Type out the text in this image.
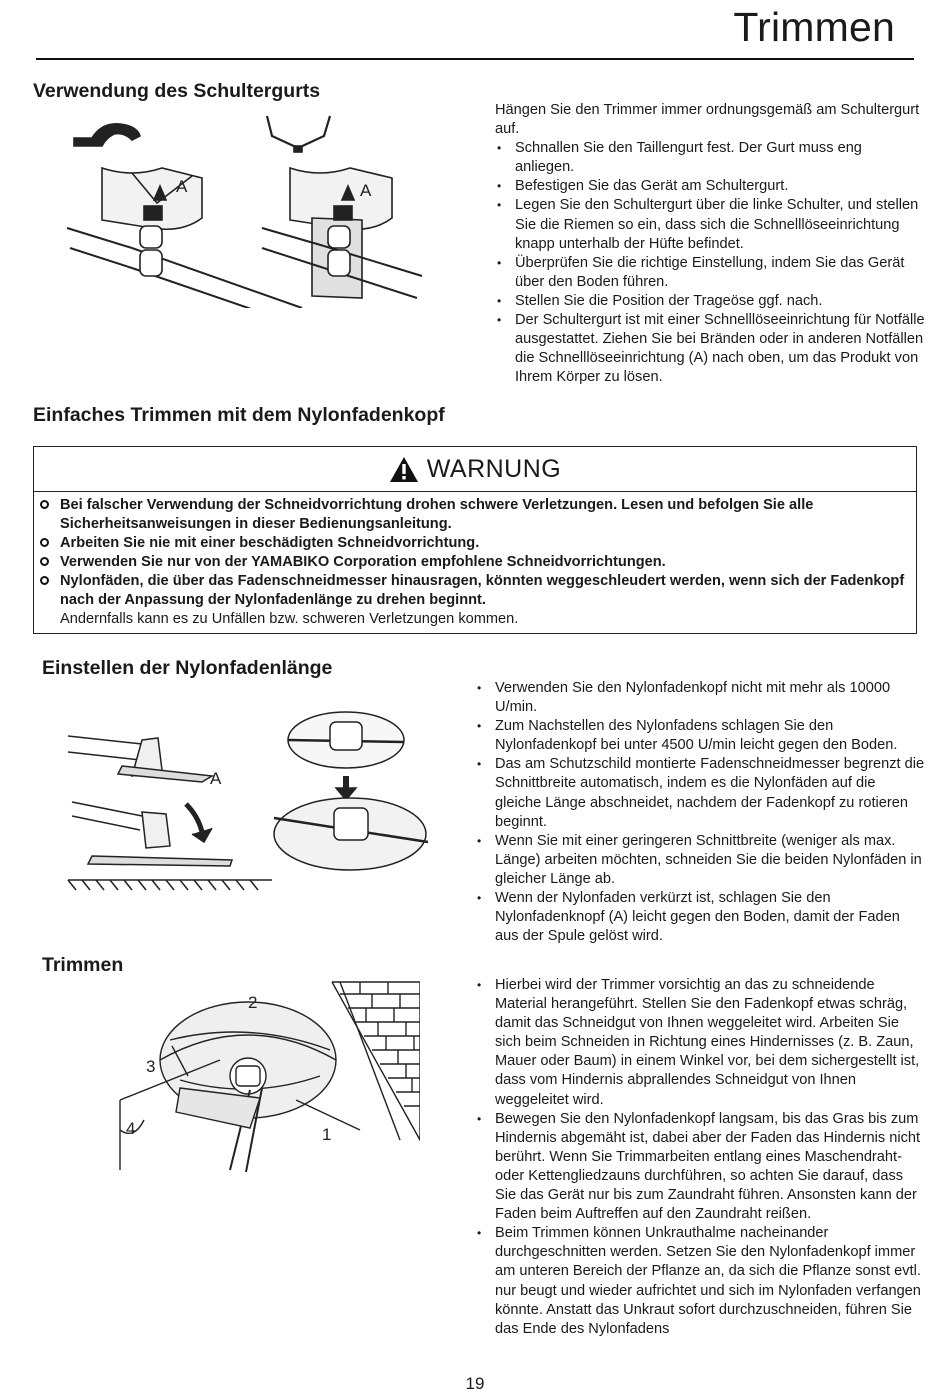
Trimmen
Verwendung des Schultergurts
A	A
Hängen Sie den Trimmer immer ordnungsgemäß am Schultergurt auf.
• Schnallen Sie den Taillengurt fest. Der Gurt muss eng anliegen.
• Befestigen Sie das Gerät am Schultergurt.
• Legen Sie den Schultergurt über die linke Schulter, und stellen Sie die Riemen so ein, dass sich die Schnelllöseeinrichtung knapp unterhalb der Hüfte befindet.
• Überprüfen Sie die richtige Einstellung, indem Sie das Gerät über den Boden führen.
• Stellen Sie die Position der Trageöse ggf. nach.
• Der Schultergurt ist mit einer Schnelllöseeinrichtung für Notfälle ausgestattet. Ziehen Sie bei Bränden oder in anderen Notfällen die Schnelllöseeinrichtung (A) nach oben, um das Produkt von Ihrem Körper zu lösen.
Einfaches Trimmen mit dem Nylonfadenkopf
WARNUNG
Bei falscher Verwendung der Schneidvorrichtung drohen schwere Verletzungen. Lesen und befolgen Sie alle Sicherheitsanweisungen in dieser Bedienungsanleitung.
Arbeiten Sie nie mit einer beschädigten Schneidvorrichtung.
Verwenden Sie nur von der YAMABIKO Corporation empfohlene Schneidvorrichtungen.
Nylonfäden, die über das Fadenschneidmesser hinausragen, könnten weggeschleudert werden, wenn sich der Fadenkopf nach der Anpassung der Nylonfadenlänge zu drehen beginnt.
Andernfalls kann es zu Unfällen bzw. schweren Verletzungen kommen.
Einstellen der Nylonfadenlänge
A
• Verwenden Sie den Nylonfadenkopf nicht mit mehr als 10000 U/min.
• Zum Nachstellen des Nylonfadens schlagen Sie den Nylonfadenkopf bei unter 4500 U/min leicht gegen den Boden.
• Das am Schutzschild montierte Fadenschneidmesser begrenzt die Schnittbreite automatisch, indem es die Nylonfäden auf die gleiche Länge abschneidet, nachdem der Fadenkopf zu rotieren beginnt.
• Wenn Sie mit einer geringeren Schnittbreite (weniger als max. Länge) arbeiten möchten, schneiden Sie die beiden Nylonfäden in gleicher Länge ab.
• Wenn der Nylonfaden verkürzt ist, schlagen Sie den Nylonfadenknopf (A) leicht gegen den Boden, damit der Faden aus der Spule gelöst wird.
Trimmen
2
3
4	1
• Hierbei wird der Trimmer vorsichtig an das zu schneidende Material herangeführt. Stellen Sie den Fadenkopf etwas schräg, damit das Schneidgut von Ihnen weggeleitet wird. Arbeiten Sie sich beim Schneiden in Richtung eines Hindernisses (z. B. Zaun, Mauer oder Baum) in einem Winkel vor, bei dem sichergestellt ist, dass vom Hindernis abprallendes Schneidgut von Ihnen weggeleitet wird.
• Bewegen Sie den Nylonfadenkopf langsam, bis das Gras bis zum Hindernis abgemäht ist, dabei aber der Faden das Hindernis nicht berührt. Wenn Sie Trimmarbeiten entlang eines Maschendraht- oder Kettengliedzauns durchführen, so achten Sie darauf, dass Sie das Gerät nur bis zum Zaundraht führen. Ansonsten kann der Faden beim Auftreffen auf den Zaundraht reißen.
• Beim Trimmen können Unkrauthalme nacheinander durchgeschnitten werden. Setzen Sie den Nylonfadenkopf immer am unteren Bereich der Pflanze an, da sich die Pflanze sonst evtl. nur beugt und wieder aufrichtet und sich im Nylonfaden verfangen könnte. Anstatt das Unkraut sofort durchzuschneiden, führen Sie das Ende des Nylonfadens
19
